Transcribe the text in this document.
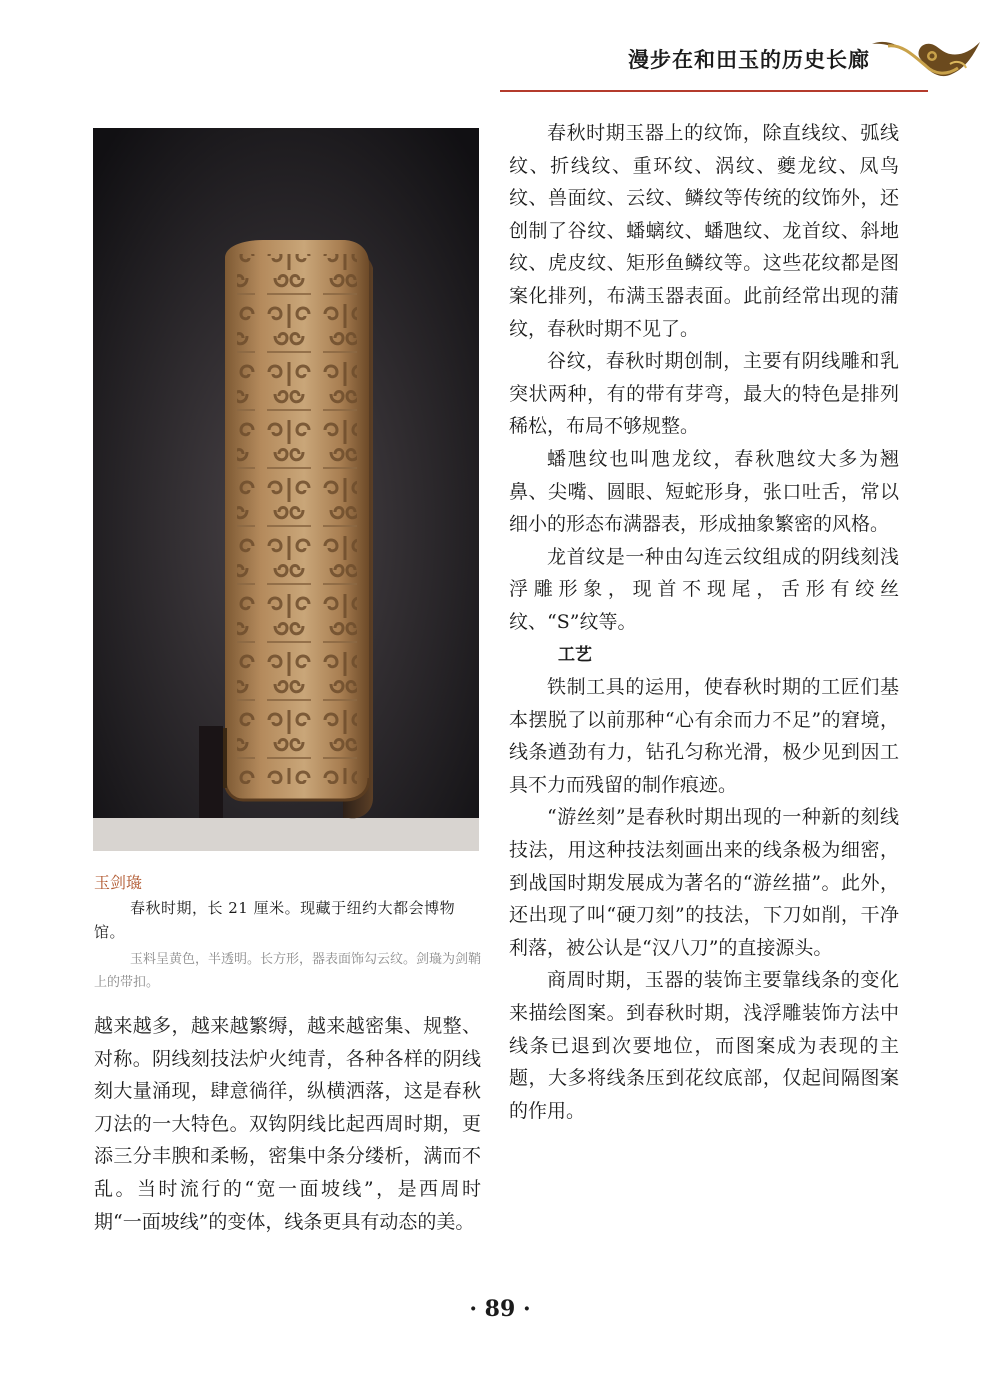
漫步在和田玉的历史长廊
玉剑璏
春秋时期，长 21 厘米。现藏于纽约大都会博物馆。
玉料呈黄色，半透明。长方形，器表面饰勾云纹。剑璏为剑鞘上的带扣。

越来越多，越来越繁缛，越来越密集、规整、对称。阴线刻技法炉火纯青，各种各样的阴线刻大量涌现，肆意徜徉，纵横洒落，这是春秋刀法的一大特色。双钩阴线比起西周时期，更添三分丰腴和柔畅，密集中条分缕析，满而不乱。当时流行的“宽一面坡线”，是西周时期“一面坡线”的变体，线条更具有动态的美。

春秋时期玉器上的纹饰，除直线纹、弧线纹、折线纹、重环纹、涡纹、夔龙纹、凤鸟纹、兽面纹、云纹、鳞纹等传统的纹饰外，还创制了谷纹、蟠螭纹、蟠虺纹、龙首纹、斜地纹、虎皮纹、矩形鱼鳞纹等。这些花纹都是图案化排列，布满玉器表面。此前经常出现的蒲纹，春秋时期不见了。

谷纹，春秋时期创制，主要有阴线雕和乳突状两种，有的带有芽弯，最大的特色是排列稀松，布局不够规整。

蟠虺纹也叫虺龙纹，春秋虺纹大多为翘鼻、尖嘴、圆眼、短蛇形身，张口吐舌，常以细小的形态布满器表，形成抽象繁密的风格。

龙首纹是一种由勾连云纹组成的阴线刻浅浮雕形象，现首不现尾，舌形有绞丝纹、“S”纹等。

工艺

铁制工具的运用，使春秋时期的工匠们基本摆脱了以前那种“心有余而力不足”的窘境，线条遒劲有力，钻孔匀称光滑，极少见到因工具不力而残留的制作痕迹。

“游丝刻”是春秋时期出现的一种新的刻线技法，用这种技法刻画出来的线条极为细密，到战国时期发展成为著名的“游丝描”。此外，还出现了叫“硬刀刻”的技法，下刀如削，干净利落，被公认是“汉八刀”的直接源头。

商周时期，玉器的装饰主要靠线条的变化来描绘图案。到春秋时期，浅浮雕装饰方法中线条已退到次要地位，而图案成为表现的主题，大多将线条压到花纹底部，仅起间隔图案的作用。

· 89 ·
